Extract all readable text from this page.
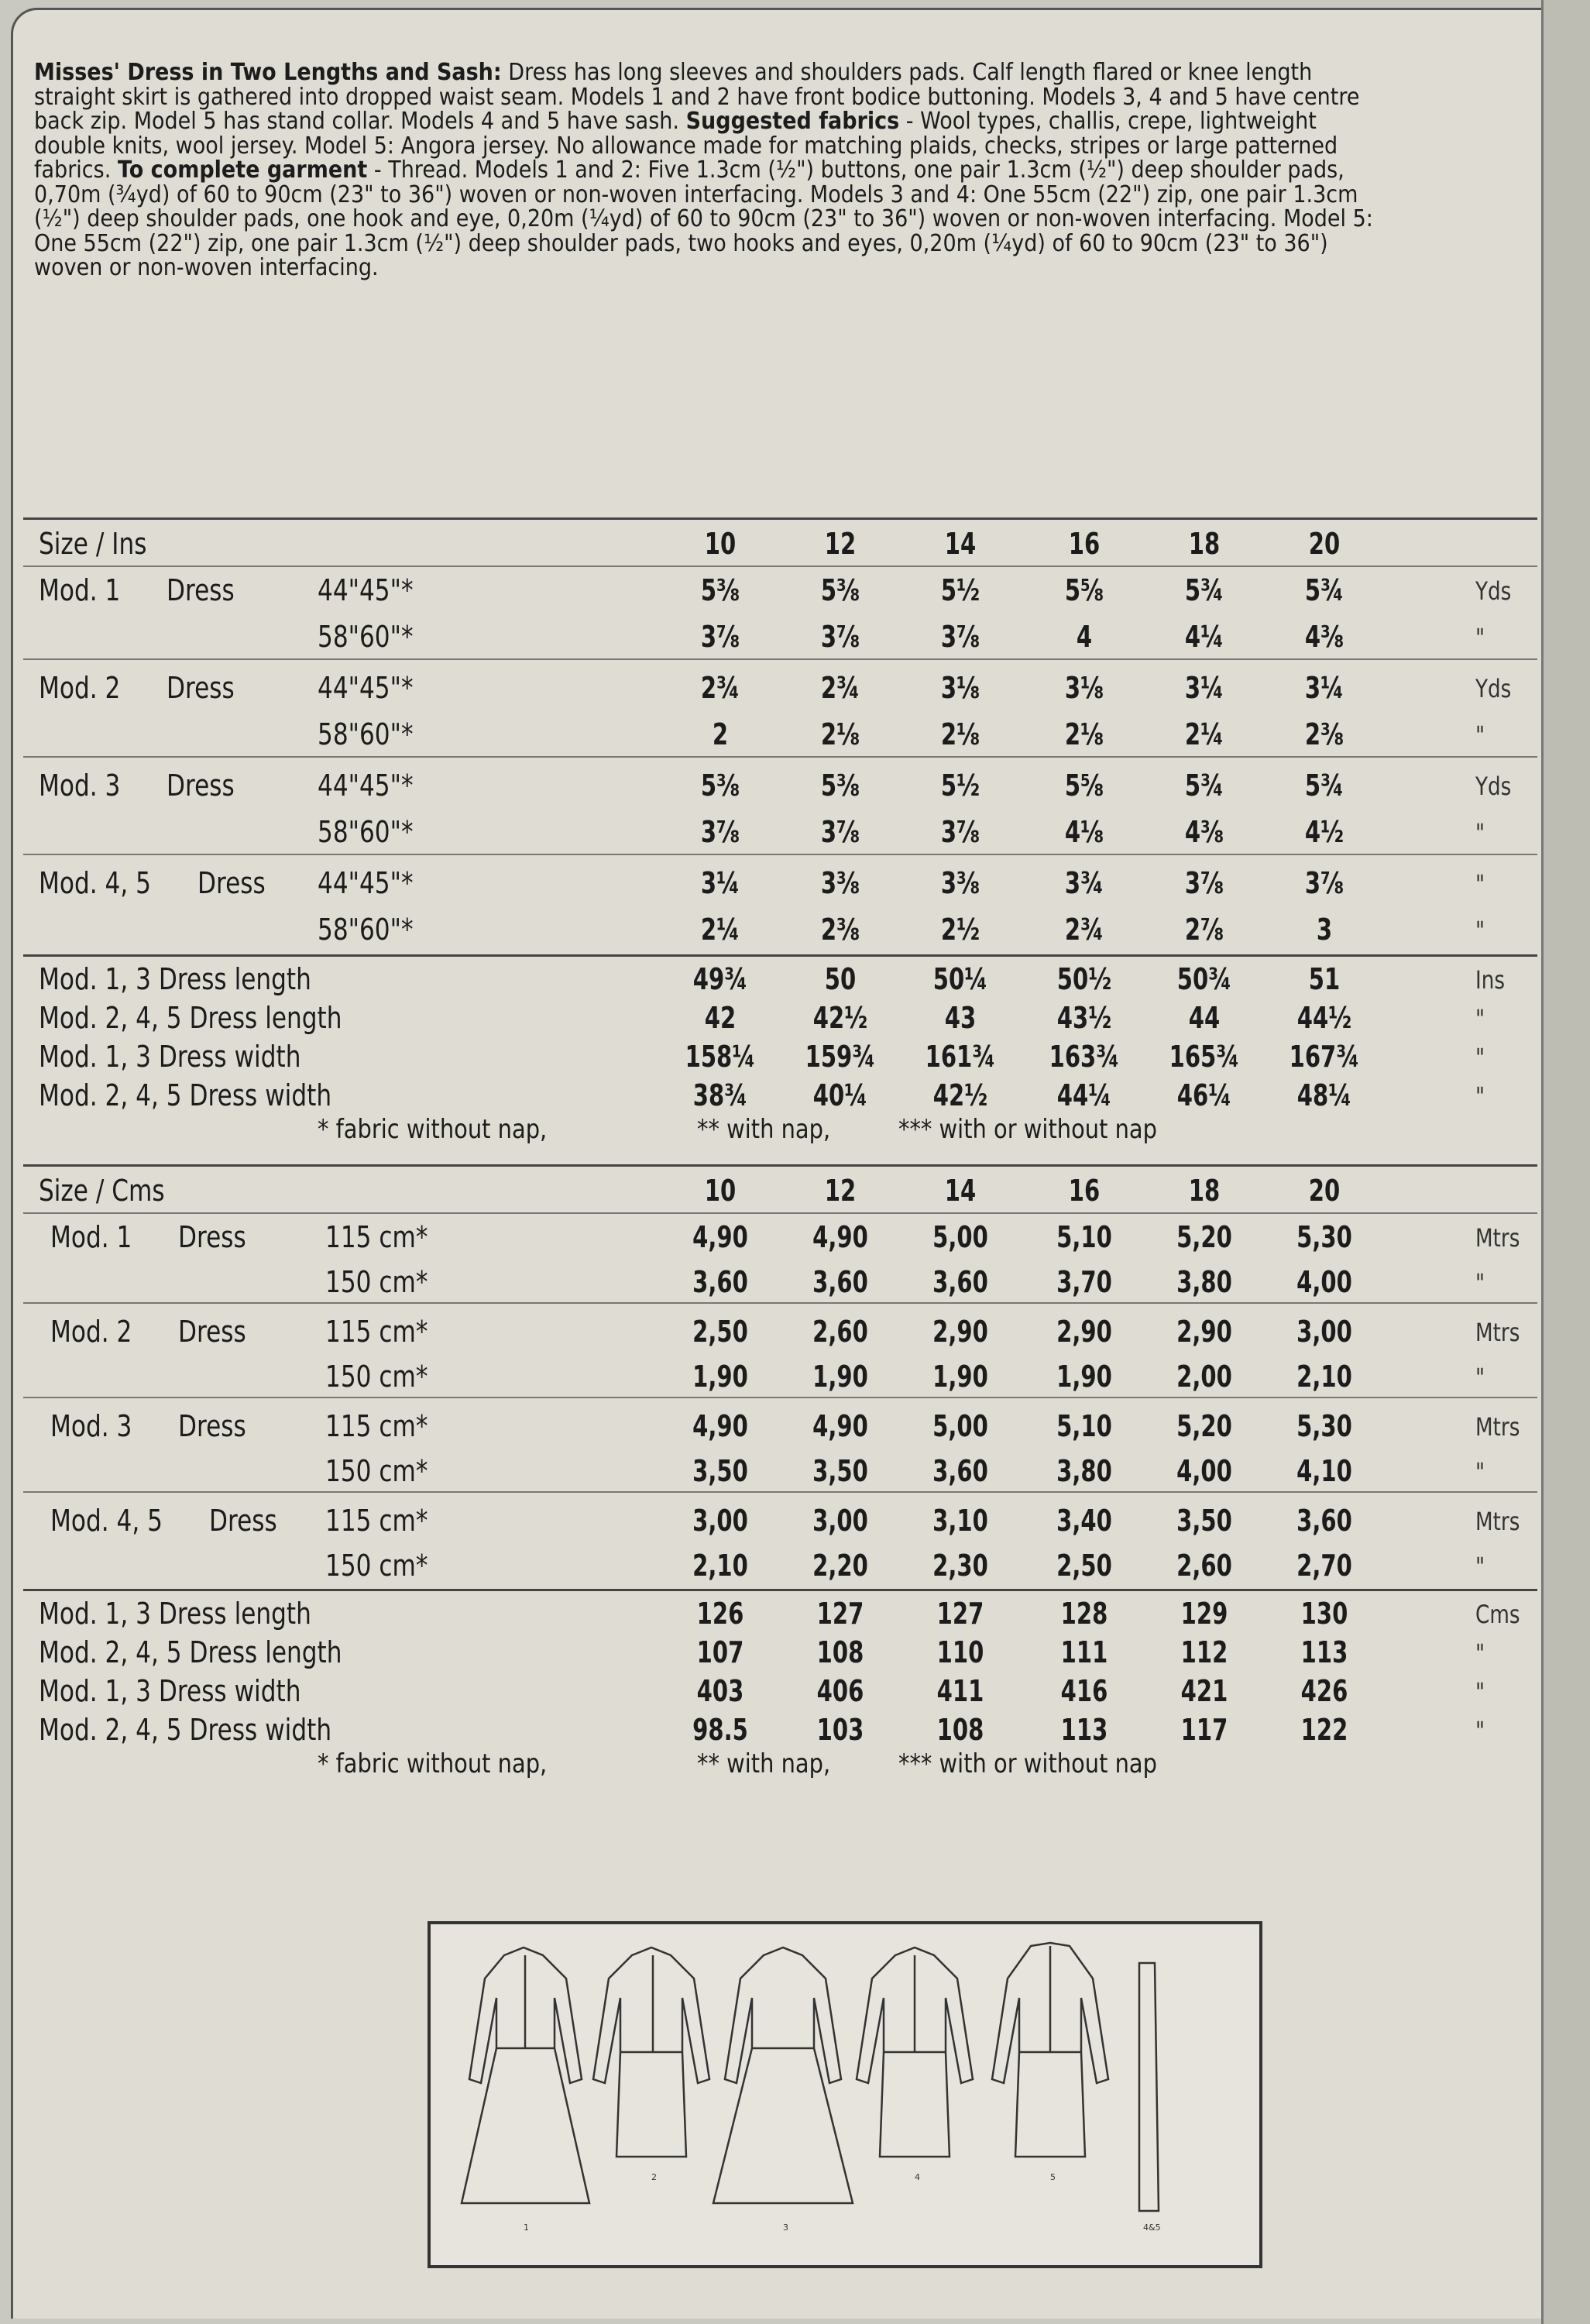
Misses' Dress in Two Lengths and Sash: Dress has long sleeves and shoulders pads. Calf length flared or knee length straight skirt is gathered into dropped waist seam. Models 1 and 2 have front bodice buttoning. Models 3, 4 and 5 have centre back zip. Model 5 has stand collar. Models 4 and 5 have sash. Suggested fabrics - Wool types, challis, crepe, lightweight double knits, wool jersey. Model 5: Angora jersey. No allowance made for matching plaids, checks, stripes or large patterned fabrics. To complete garment - Thread. Models 1 and 2: Five 1.3cm (½") buttons, one pair 1.3cm (½") deep shoulder pads, 0,70m (¾yd) of 60 to 90cm (23" to 36") woven or non-woven interfacing. Models 3 and 4: One 55cm (22") zip, one pair 1.3cm (½") deep shoulder pads, one hook and eye, 0,20m (¼yd) of 60 to 90cm (23" to 36") woven or non-woven interfacing. Model 5: One 55cm (22") zip, one pair 1.3cm (½") deep shoulder pads, two hooks and eyes, 0,20m (¼yd) of 60 to 90cm (23" to 36") woven or non-woven interfacing.
Size / Ins	10	12	14	16	18	20
Mod. 1 Dress	44"45"*	5⅜	5⅜	5½	5⅝	5¾	5¾	Yds
58"60"*	3⅞	3⅞	3⅞	4	4¼	4⅜	"
Mod. 2 Dress	44"45"*	2¾	2¾	3⅛	3⅛	3¼	3¼	Yds
58"60"*	2	2⅛	2⅛	2⅛	2¼	2⅜	"
Mod. 3 Dress	44"45"*	5⅜	5⅜	5½	5⅝	5¾	5¾	Yds
58"60"*	3⅞	3⅞	3⅞	4⅛	4⅜	4½	"
Mod. 4, 5 Dress 44"45"*	3¼	3⅜	3⅜	3¾	3⅞	3⅞	"
58"60"*	2¼	2⅜	2½	2¾	2⅞	3	"
Mod. 1, 3 Dress length	49¾	50	50¼	50½	50¾	51	Ins
Mod. 2, 4, 5 Dress length	42	42½	43	43½	44	44½	"
Mod. 1, 3 Dress width	158¼	159¾	161¾	163¾	165¾	167¾	"
Mod. 2, 4, 5 Dress width	38¾	40¼	42½	44¼	46¼	48¼	"
* fabric without nap,	** with nap,	*** with or without nap
Size / Cms	10	12	14	16	18	20
Mod. 1 Dress	115 cm*	4,90	4,90	5,00	5,10	5,20	5,30	Mtrs
150 cm*	3,60	3,60	3,60	3,70	3,80	4,00	"
Mod. 2 Dress	115 cm*	2,50	2,60	2,90	2,90	2,90	3,00	Mtrs
150 cm*	1,90	1,90	1,90	1,90	2,00	2,10	"
Mod. 3 Dress	115 cm*	4,90	4,90	5,00	5,10	5,20	5,30	Mtrs
150 cm*	3,50	3,50	3,60	3,80	4,00	4,10	"
Mod. 4, 5 Dress 115 cm*	3,00	3,00	3,10	3,40	3,50	3,60	Mtrs
150 cm*	2,10	2,20	2,30	2,50	2,60	2,70	"
Mod. 1, 3 Dress length	126	127	127	128	129	130	Cms
Mod. 2, 4, 5 Dress length	107	108	110	111	112	113	"
Mod. 1, 3 Dress width	403	406	411	416	421	426	"
Mod. 2, 4, 5 Dress width	98.5	103	108	113	117	122	"
* fabric without nap,	** with nap,	*** with or without nap
1
2
3
4	5
4&5
